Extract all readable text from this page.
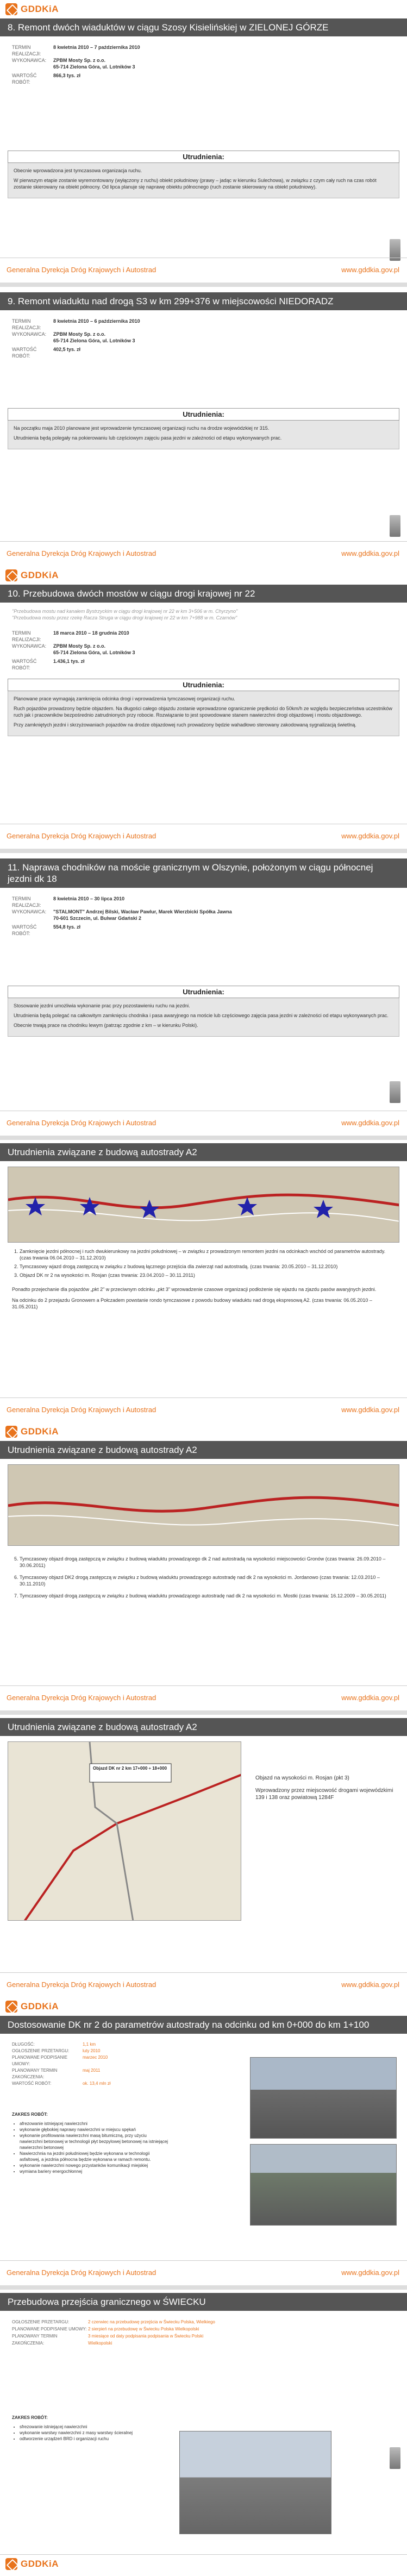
GDDKiA
8. Remont dwóch wiaduktów w ciągu Szosy Kisielińskiej w ZIELONEJ GÓRZE
TERMIN REALIZACJI:
8 kwietnia 2010 – 7 października 2010
WYKONAWCA:	ZPBM Mosty Sp. z o.o.
65-714 Zielona Góra, ul. Lotników 3
WARTOŚĆ ROBÓT:
866,3 tys. zł
Utrudnienia:

Obecnie wprowadzona jest tymczasowa organizacja ruchu.

W pierwszym etapie zostanie wyremontowany (wyłączony z ruchu) obiekt południowy (prawy – jadąc w kierunku Sulechowa), w związku z czym cały ruch na czas robót zostanie skierowany na obiekt północny. Od lipca planuje się naprawę obiektu północnego (ruch zostanie skierowany na obiekt południowy).

Generalna Dyrekcja Dróg Krajowych i Autostrad	www.gddkia.gov.pl
9. Remont wiaduktu nad drogą S3 w km 299+376 w miejscowości NIEDORADZ
TERMIN REALIZACJI:
8 kwietnia 2010 – 6 października 2010
WYKONAWCA:	ZPBM Mosty Sp. z o.o.
65-714 Zielona Góra, ul. Lotników 3
WARTOŚĆ ROBÓT:
402,5 tys. zł
Utrudnienia:

Na początku maja 2010 planowane jest wprowadzenie tymczasowej organizacji ruchu na drodze wojewódzkiej nr 315.

Utrudnienia będą polegały na pokierowaniu lub częściowym zajęciu pasa jezdni w zależności od etapu wykonywanych prac.

Generalna Dyrekcja Dróg Krajowych i Autostrad	www.gddkia.gov.pl
GDDKiA
10. Przebudowa dwóch mostów w ciągu drogi krajowej nr 22
"Przebudowa mostu nad kanałem Bystrzyckim w ciągu drogi krajowej nr 22 w km 3+506 w m. Chyrzyno"
"Przebudowa mostu przez rzekę Racza Struga w ciągu drogi krajowej nr 22 w km 7+988 w m. Czarnów"
TERMIN REALIZACJI:
18 marca 2010 – 18 grudnia 2010
WYKONAWCA:	ZPBM Mosty Sp. z o.o.
65-714 Zielona Góra, ul. Lotników 3
WARTOŚĆ ROBÓT:
1.436,1 tys. zł
Utrudnienia:

Planowane prace wymagają zamknięcia odcinka drogi i wprowadzenia tymczasowej organizacji ruchu.

Ruch pojazdów prowadzony będzie objazdem. Na długości całego objazdu zostanie wprowadzone ograniczenie prędkości do 50km/h ze względu bezpieczeństwa uczestników ruch jak i pracowników bezpośrednio zatrudnionych przy robocie. Rozwiązanie to jest spowodowane stanem nawierzchni drogi objazdowej i mostu objazdowego.

Przy zamkniętych jezdni i skrzyżowaniach pojazdów na drodze objazdowej ruch prowadzony będzie wahadłowo sterowany zakodowaną sygnalizacją świetlną.

Generalna Dyrekcja Dróg Krajowych i Autostrad	www.gddkia.gov.pl
11. Naprawa chodników na moście granicznym w Olszynie, położonym w ciągu północnej jezdni dk 18
TERMIN REALIZACJI:
8 kwietnia 2010 – 30 lipca 2010
WYKONAWCA:	"STALMONT" Andrzej Bilski, Wacław Pawlur, Marek Wierzbicki Spółka Jawna
70-601 Szczecin, ul. Bulwar Gdański 2
WARTOŚĆ ROBÓT:
554,8 tys. zł
Utrudnienia:

Stosowanie jezdni umożliwia wykonanie prac przy pozostawieniu ruchu na jezdni.

Utrudnienia będą polegać na całkowitym zamknięciu chodnika i pasa awaryjnego na moście lub częściowego zajęcia pasa jezdni w zależności od etapu wykonywanych prac.

Obecnie trwają prace na chodniku lewym (patrząc zgodnie z km – w kierunku Polski).

Generalna Dyrekcja Dróg Krajowych i Autostrad	www.gddkia.gov.pl
Utrudnienia związane z budową autostrady A2
1. Zamknięcie jezdni północnej i ruch dwukierunkowy na jezdni południowej – w związku z prowadzonym remontem jezdni na odcinkach wschód od parametrów autostrady. (czas trwania 06.04.2010 – 31.12.2010)
2. Tymczasowy wjazd drogą zastępczą w związku z budową łącznego przejścia dla zwierząt nad autostradą. (czas trwania: 20.05.2010 – 31.12.2010)
3. Objazd DK nr 2 na wysokości m. Rosjan (czas trwania: 23.04.2010 – 30.11.2011)

Ponadto przejechanie dla pojazdów „pkt 2" w przeciwnym odcinku „pkt 3" wprowadzenie czasowe organizacji podłożenie się wjazdu na zjazdu pasów awaryjnych jezdni.

Na odcinku do 2 przejazdu Gronowem a Połczadem powstanie rondo tymczasowe z powodu budowy wiaduktu nad drogą ekspresową A2. (czas trwania: 06.05.2010 – 31.05.2011)

Generalna Dyrekcja Dróg Krajowych i Autostrad	www.gddkia.gov.pl
GDDKiA
Utrudnienia związane z budową autostrady A2
5. Tymczasowy objazd drogą zastępczą w związku z budową wiaduktu prowadzącego dk 2 nad autostradą na wysokości miejscowości Gronów (czas trwania: 26.09.2010 – 30.06.2011)
6. Tymczasowy objazd DK2 drogą zastępczą w związku z budową wiaduktu prowadzącego autostradę nad dk 2 na wysokości m. Jordanowo (czas trwania: 12.03.2010 – 30.11.2010)
7. Tymczasowy objazd drogą zastępczą w związku z budową wiaduktu prowadzącego autostradę nad dk 2 na wysokości m. Mostki (czas trwania: 16.12.2009 – 30.05.2011)
Generalna Dyrekcja Dróg Krajowych i Autostrad	www.gddkia.gov.pl
Utrudnienia związane z budową autostrady A2
Objazd DK nr 2 km 17+000 ÷ 18+000

Objazd na wysokości m. Rosjan (pkt 3)

Wprowadzony przez miejscowość drogami wojewódzkimi 139 i 138 oraz powiatową 1284F

Generalna Dyrekcja Dróg Krajowych i Autostrad	www.gddkia.gov.pl
GDDKiA
Dostosowanie DK nr 2 do parametrów autostrady na odcinku od km 0+000 do km 1+100
DŁUGOŚĆ:	1,1 km
OGŁOSZENIE PRZETARGU:	luty 2010
PLANOWANE PODPISANIE UMOWY:
marzec 2010
PLANOWANY TERMIN ZAKOŃCZENIA:
maj 2011
WARTOŚĆ ROBÓT:	ok. 13,4 mln zł
ZAKRES ROBÓT:
• afrezowanie istniejącej nawierzchni
• wykonanie głębokiej naprawy nawierzchni w miejscu spękań
• wykonanie profilowania nawierzchni masą bitumiczną, przy użyciu nawierzchni betonowej w technologii płyt bezpylowej betonowej na istniejącej nawierzchni betonowej
• Nawierzchnia na jezdni południowej będzie wykonana w technologii asfaltowej, a jezdnia północna będzie wykonana w ramach remontu.
• wykonanie nawierzchni nowego przystanków komunikacji miejskiej
• wymiana bariery energochłonnej
Generalna Dyrekcja Dróg Krajowych i Autostrad	www.gddkia.gov.pl
Przebudowa przejścia granicznego w ŚWIECKU
OGŁOSZENIE PRZETARGU:	2 czerwiec na przebudowę przejścia w Świecku Polska, Wielkiego
PLANOWANE PODPISANIE UMOWY: 2 sierpień na przebudowę w Świecku Polska Wielkopolski
PLANOWANY TERMIN ZAKOŃCZENIA:
3 miesiące od daty podpisania podpisania w Świecku Polski Wielkopolski
ZAKRES ROBÓT:
• sfrezowanie istniejącej nawierzchni
• wykonanie warstwy nawierzchni z masy warstwy ścieralnej
• odtworzenie urządzeń BRD i organizacji ruchu
GDDKiA
